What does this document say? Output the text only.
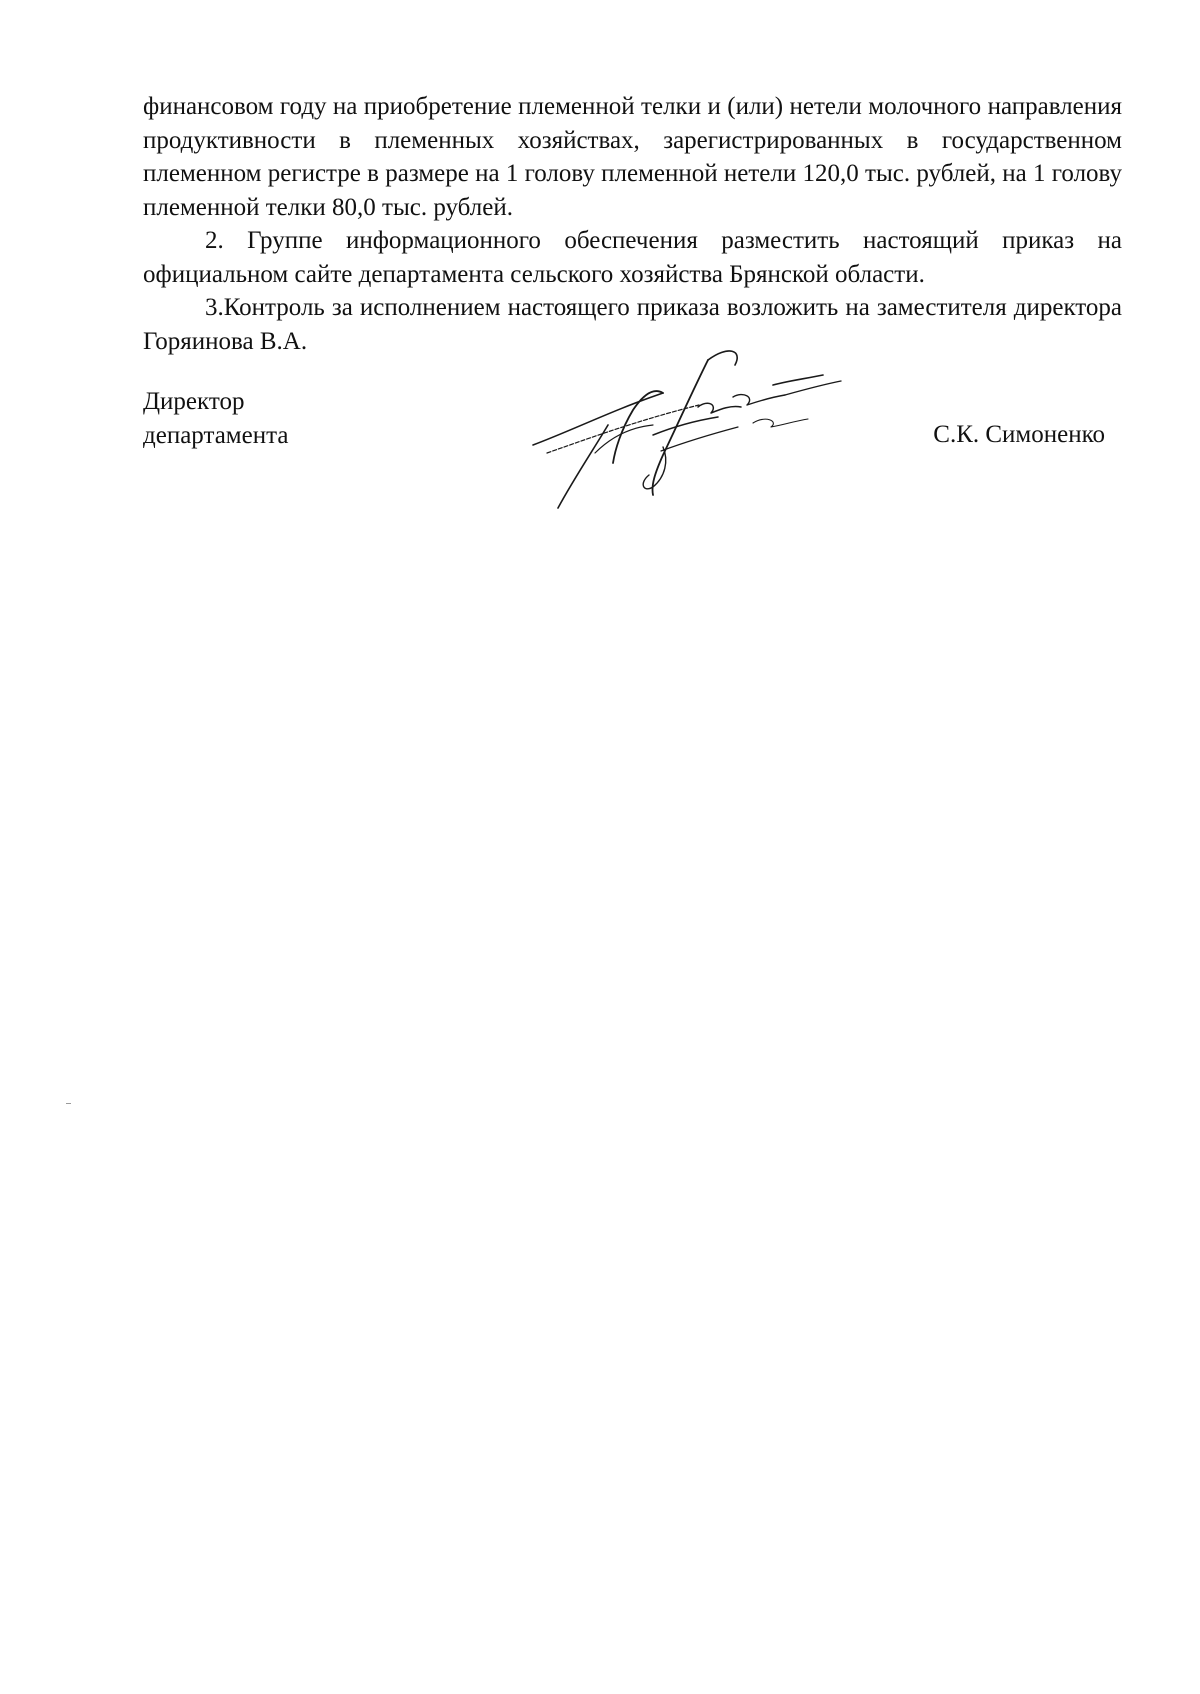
финансовом году на приобретение племенной телки и (или) нетели молочного направления продуктивности в племенных хозяйствах, зарегистрированных в государственном племенном регистре в размере на 1 голову племенной нетели 120,0 тыс. рублей, на 1 голову племенной телки 80,0 тыс. рублей.

2. Группе информационного обеспечения разместить настоящий приказ на официальном сайте департамента сельского хозяйства Брянской области.

3.Контроль за исполнением настоящего приказа возложить на заместителя директора Горяинова В.А.

Директор
департамента	С.К. Симоненко
